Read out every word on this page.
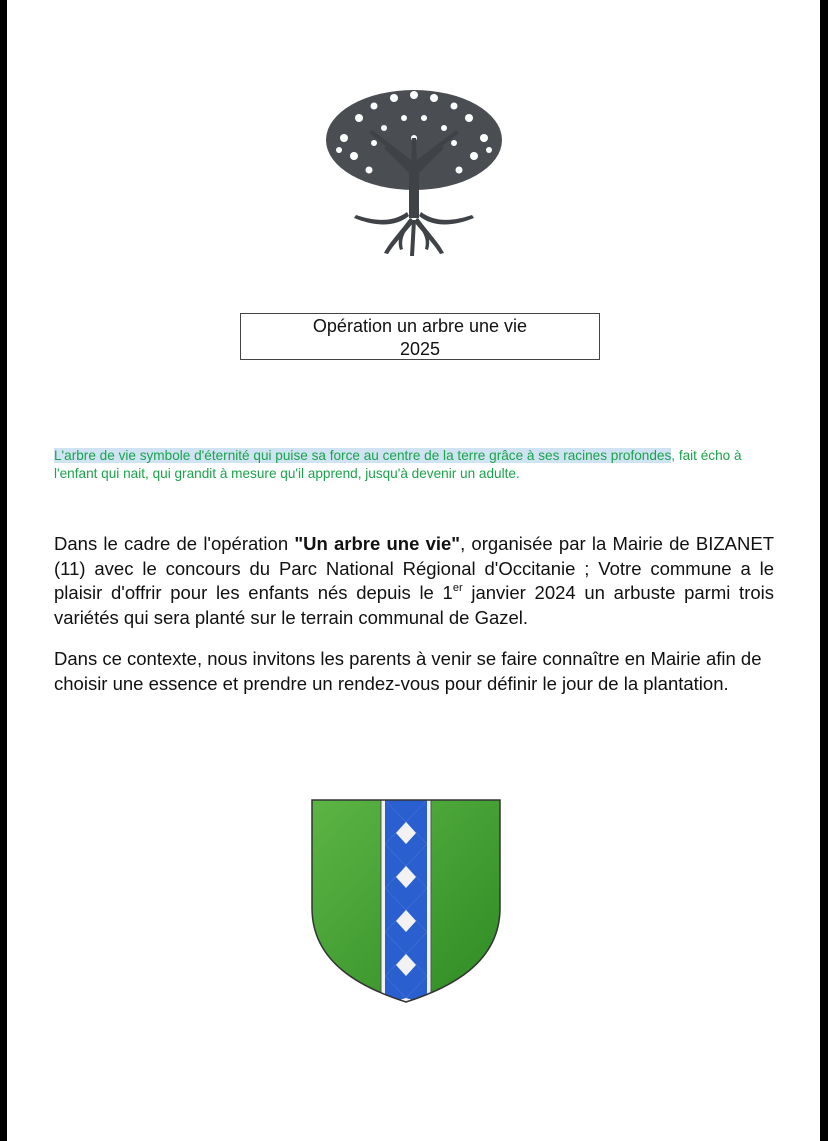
Opération un arbre une vie
2025
L'arbre de vie symbole d'éternité qui puise sa force au centre de la terre grâce à ses racines profondes, fait écho à l'enfant qui nait, qui grandit à mesure qu'il apprend, jusqu'à devenir un adulte.
Dans le cadre de l'opération "Un arbre une vie", organisée par la Mairie de BIZANET (11) avec le concours du Parc National Régional d'Occitanie ; Votre commune a le plaisir d'offrir pour les enfants nés depuis le 1er janvier 2024 un arbuste parmi trois variétés qui sera planté sur le terrain communal de Gazel.
Dans ce contexte, nous invitons les parents à venir se faire connaître en Mairie afin de choisir une essence et prendre un rendez-vous pour définir le jour de la plantation.
